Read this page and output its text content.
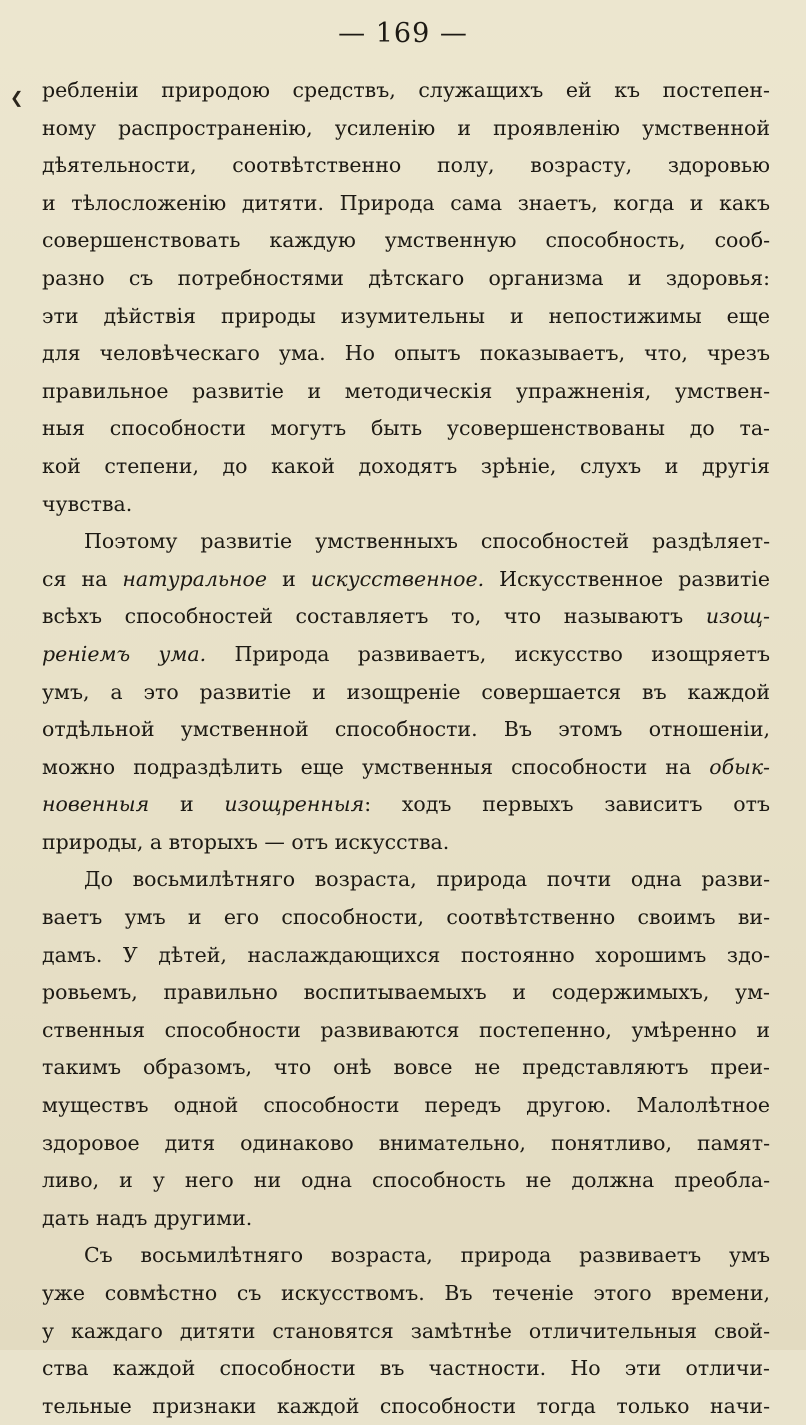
— 169 —
❮ ребленіи природою средствъ, служащихъ ей къ постепен-
ному распространенію, усиленію и проявленію умственной
дѣятельности, соотвѣтственно полу, возрасту, здоровью
и тѣлосложенію дитяти. Природа сама знаетъ, когда и какъ
совершенствовать каждую умственную способность, сооб-
разно съ потребностями дѣтскаго организма и здоровья:
эти дѣйствія природы изумительны и непостижимы еще
для человѣческаго ума. Но опытъ показываетъ, что, чрезъ
правильное развитіе и методическія упражненія, умствен-
ныя способности могутъ быть усовершенствованы до та-
кой степени, до какой доходятъ зрѣніе, слухъ и другія
чувства.
Поэтому развитіе умственныхъ способностей раздѣляет-
ся на натуральное и искусственное. Искусственное развитіе
всѣхъ способностей составляетъ то, что называютъ изощ-
реніемъ ума. Природа развиваетъ, искусство изощряетъ
умъ, а это развитіе и изощреніе совершается въ каждой
отдѣльной умственной способности. Въ этомъ отношеніи,
можно подраздѣлить еще умственныя способности на обык-
новенныя и изощренныя: ходъ первыхъ зависитъ отъ
природы, а вторыхъ — отъ искусства.
До восьмилѣтняго возраста, природа почти одна разви-
ваетъ умъ и его способности, соотвѣтственно своимъ ви-
дамъ. У дѣтей, наслаждающихся постоянно хорошимъ здо-
ровьемъ, правильно воспитываемыхъ и содержимыхъ, ум-
ственныя способности развиваются постепенно, умѣренно и
такимъ образомъ, что онѣ вовсе не представляютъ преи-
муществъ одной способности передъ другою. Малолѣтное
здоровое дитя одинаково внимательно, понятливо, памят-
ливо, и у него ни одна способность не должна преобла-
дать надъ другими.
Съ восьмилѣтняго возраста, природа развиваетъ умъ
уже совмѣстно съ искусствомъ. Въ теченіе этого времени,
у каждаго дитяти становятся замѣтнѣе отличительныя свой-
ства каждой способности въ частности. Но эти отличи-
тельные признаки каждой способности тогда только начи-
